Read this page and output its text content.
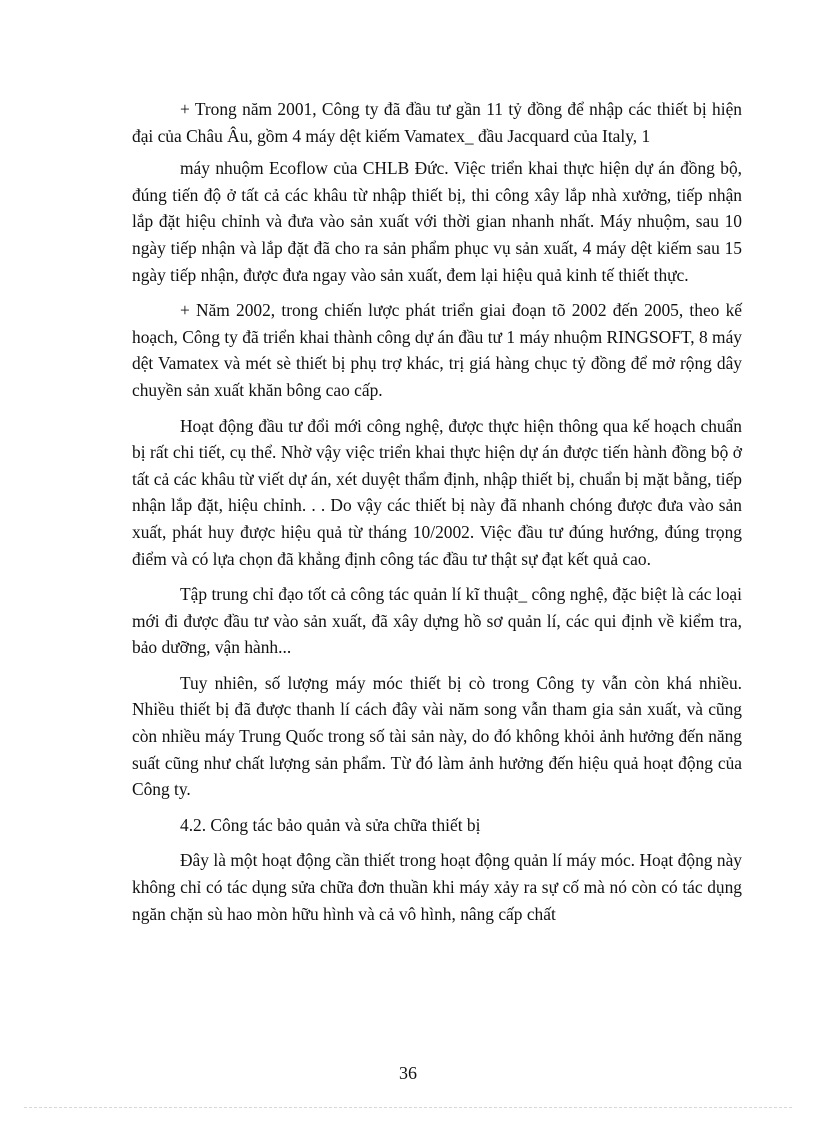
+ Trong năm 2001, Công ty đã đầu tư gần 11 tỷ đồng để nhập các thiết bị hiện đại của Châu Âu, gồm 4 máy dệt kiếm Vamatex_ đầu Jacquard của Italy, 1

máy nhuộm Ecoflow của CHLB Đức. Việc triển khai thực hiện dự án đồng bộ, đúng tiến độ ở tất cả các khâu từ nhập thiết bị, thi công xây lắp nhà xưởng, tiếp nhận lắp đặt hiệu chỉnh và đưa vào sản xuất với thời gian nhanh nhất. Máy nhuộm, sau 10 ngày tiếp nhận và lắp đặt đã cho ra sản phẩm phục vụ sản xuất, 4 máy dệt kiếm sau 15 ngày tiếp nhận, được đưa ngay vào sản xuất, đem lại hiệu quả kinh tế thiết thực.

+ Năm 2002, trong chiến lược phát triển giai đoạn tõ 2002 đến 2005, theo kế hoạch, Công ty đã triển khai thành công dự án đầu tư 1 máy nhuộm RINGSOFT, 8 máy dệt Vamatex và mét sè thiết bị phụ trợ khác, trị giá hàng chục tỷ đồng để mở rộng dây chuyền sản xuất khăn bông cao cấp.

Hoạt động đầu tư đổi mới công nghệ, được thực hiện thông qua kế hoạch chuẩn bị rất chi tiết, cụ thể. Nhờ vậy việc triển khai thực hiện dự án được tiến hành đồng bộ ở tất cả các khâu từ viết dự án, xét duyệt thẩm định, nhập thiết bị, chuẩn bị mặt bằng, tiếp nhận lắp đặt, hiệu chỉnh. . . Do vậy các thiết bị này đã nhanh chóng được đưa vào sản xuất, phát huy được hiệu quả từ tháng 10/2002. Việc đầu tư đúng hướng, đúng trọng điểm và có lựa chọn đã khẳng định công tác đầu tư thật sự đạt kết quả cao.

Tập trung chỉ đạo tốt cả công tác quản lí kĩ thuật_ công nghệ, đặc biệt là các loại mới đi được đầu tư vào sản xuất, đã xây dựng hồ sơ quản lí, các qui định về kiểm tra, bảo dưỡng, vận hành...

Tuy nhiên, số lượng máy móc thiết bị cò trong Công ty vẫn còn khá nhiều. Nhiều thiết bị đã được thanh lí cách đây vài năm song vẫn tham gia sản xuất, và cũng còn nhiều máy Trung Quốc trong số tài sản này, do đó không khỏi ảnh hưởng đến năng suất cũng như chất lượng sản phẩm. Từ đó làm ảnh hưởng đến hiệu quả hoạt động của Công ty.

4.2. Công tác bảo quản và sửa chữa thiết bị

Đây là một hoạt động cần thiết trong hoạt động quản lí máy móc. Hoạt động này không chỉ có tác dụng sửa chữa đơn thuần khi máy xảy ra sự cố mà nó còn có tác dụng ngăn chặn sù hao mòn hữu hình và cả vô hình, nâng cấp chất

36
